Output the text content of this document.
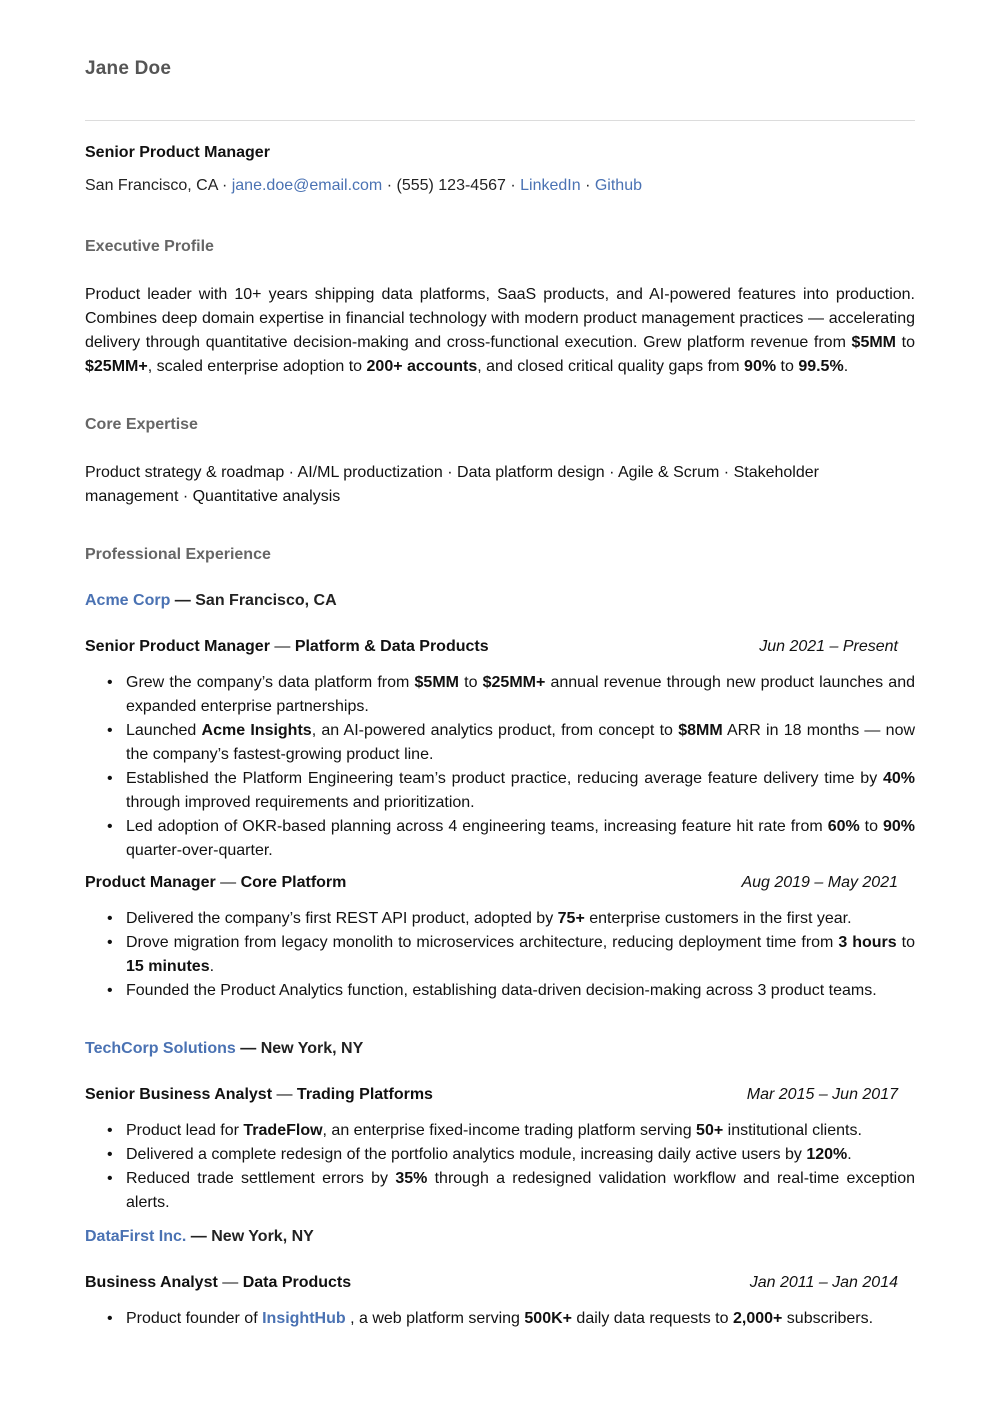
Jane Doe
Senior Product Manager
San Francisco, CA · jane.doe@email.com · (555) 123-4567 · LinkedIn · Github
Executive Profile
Product leader with 10+ years shipping data platforms, SaaS products, and AI-powered features into production. Combines deep domain expertise in financial technology with modern product management practices — accelerating delivery through quantitative decision-making and cross-functional execution. Grew platform revenue from $5MM to $25MM+, scaled enterprise adoption to 200+ accounts, and closed critical quality gaps from 90% to 99.5%.
Core Expertise
Product strategy & roadmap · AI/ML productization · Data platform design · Agile & Scrum · Stakeholder management · Quantitative analysis
Professional Experience
Acme Corp — San Francisco, CA
Senior Product Manager — Platform & Data Products	Jun 2021 – Present
• Grew the company’s data platform from $5MM to $25MM+ annual revenue through new product launches and expanded enterprise partnerships.
• Launched Acme Insights, an AI-powered analytics product, from concept to $8MM ARR in 18 months — now the company’s fastest-growing product line.
• Established the Platform Engineering team’s product practice, reducing average feature delivery time by 40% through improved requirements and prioritization.
• Led adoption of OKR-based planning across 4 engineering teams, increasing feature hit rate from 60% to 90% quarter-over-quarter.
Product Manager — Core Platform	Aug 2019 – May 2021
• Delivered the company’s first REST API product, adopted by 75+ enterprise customers in the first year.
• Drove migration from legacy monolith to microservices architecture, reducing deployment time from 3 hours to 15 minutes.
• Founded the Product Analytics function, establishing data-driven decision-making across 3 product teams.
TechCorp Solutions — New York, NY
Senior Business Analyst — Trading Platforms	Mar 2015 – Jun 2017
• Product lead for TradeFlow, an enterprise fixed-income trading platform serving 50+ institutional clients.
• Delivered a complete redesign of the portfolio analytics module, increasing daily active users by 120%.
• Reduced trade settlement errors by 35% through a redesigned validation workflow and real-time exception alerts.
DataFirst Inc. — New York, NY
Business Analyst — Data Products	Jan 2011 – Jan 2014
• Product founder of InsightHub , a web platform serving 500K+ daily data requests to 2,000+ subscribers.
